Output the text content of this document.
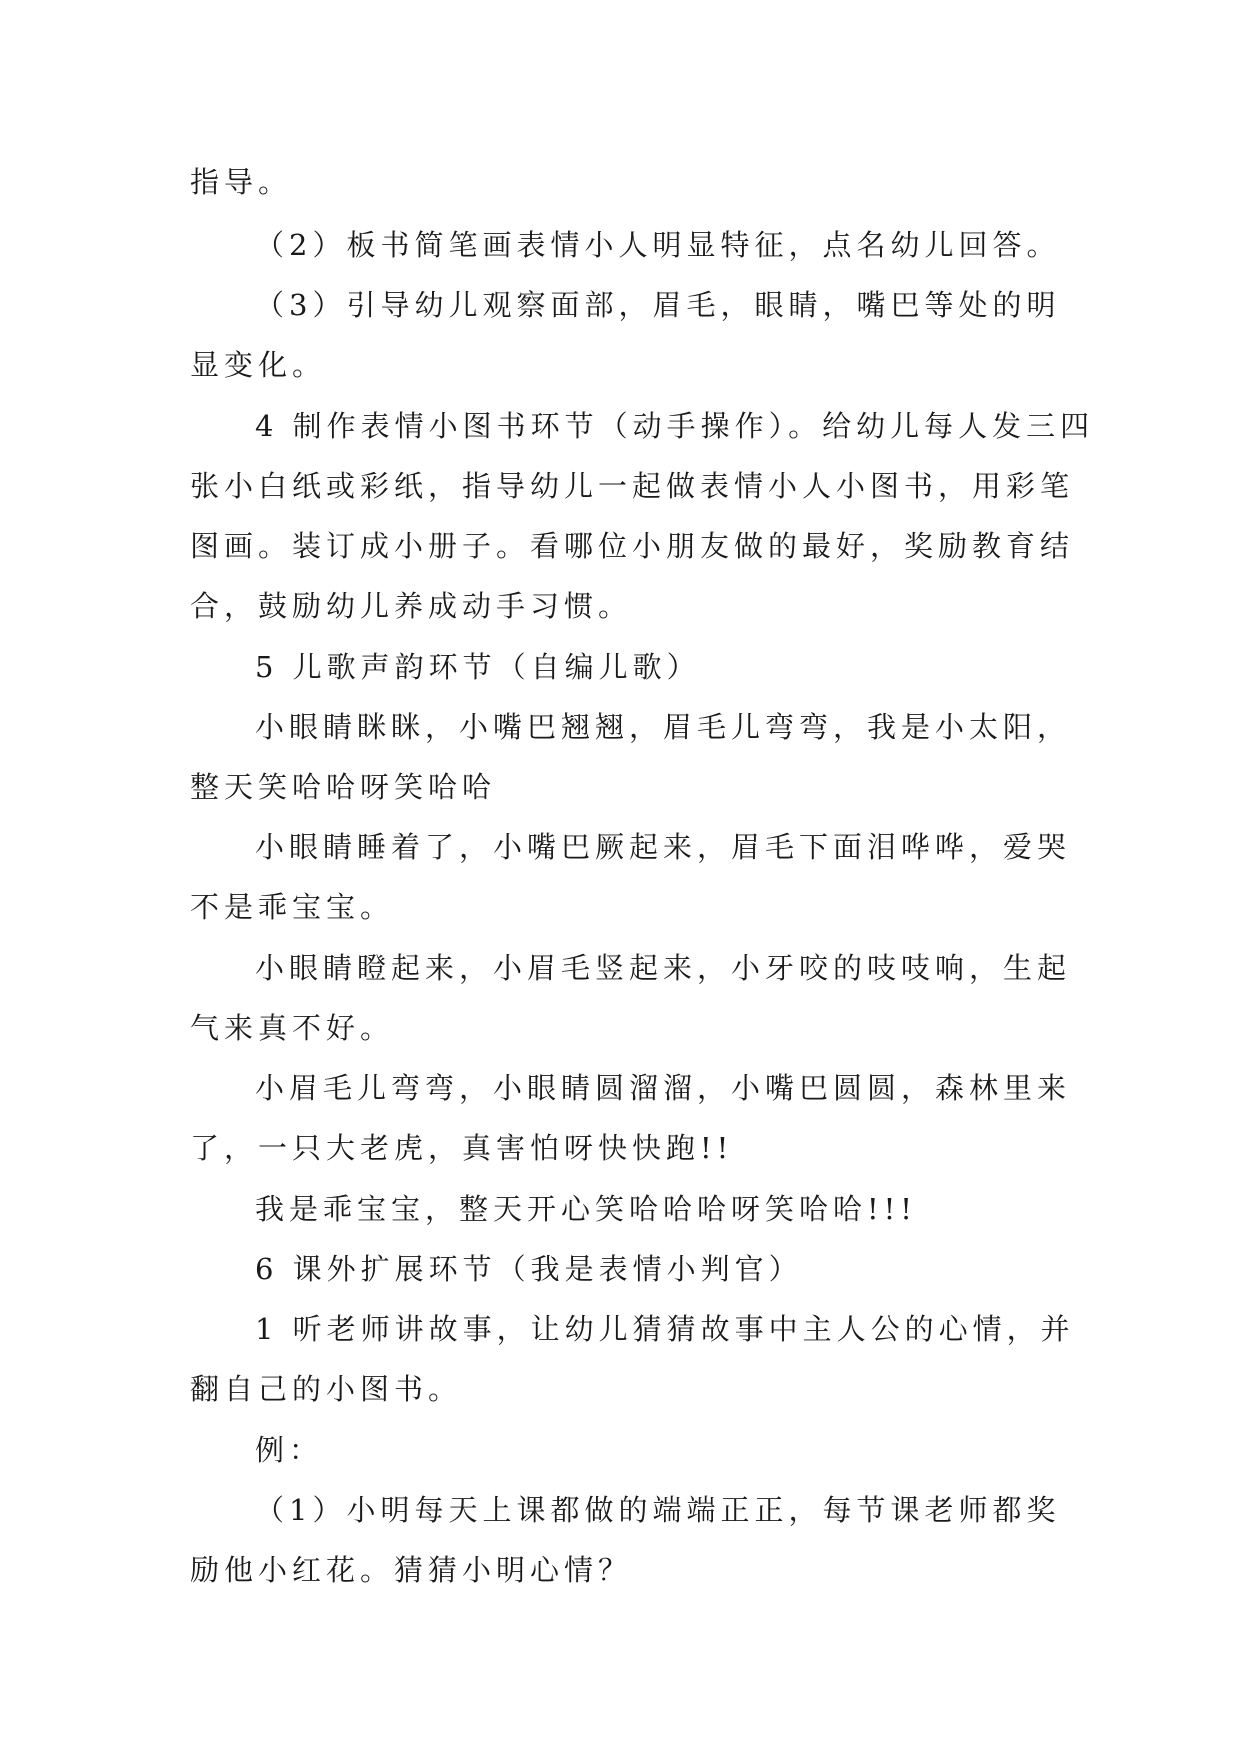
指导。
（2）板书简笔画表情小人明显特征，点名幼儿回答。
（3）引导幼儿观察面部，眉毛，眼睛，嘴巴等处的明
显变化。
4 制作表情小图书环节（动手操作）。给幼儿每人发三四
张小白纸或彩纸，指导幼儿一起做表情小人小图书，用彩笔
图画。装订成小册子。看哪位小朋友做的最好，奖励教育结
合，鼓励幼儿养成动手习惯。
5 儿歌声韵环节（自编儿歌）
小眼睛眯眯，小嘴巴翘翘，眉毛儿弯弯，我是小太阳，
整天笑哈哈呀笑哈哈
小眼睛睡着了，小嘴巴厥起来，眉毛下面泪哗哗，爱哭
不是乖宝宝。
小眼睛瞪起来，小眉毛竖起来，小牙咬的吱吱响，生起
气来真不好。
小眉毛儿弯弯，小眼睛圆溜溜，小嘴巴圆圆，森林里来
了，一只大老虎，真害怕呀快快跑!!
我是乖宝宝，整天开心笑哈哈哈呀笑哈哈!!!
6 课外扩展环节（我是表情小判官）
1 听老师讲故事，让幼儿猜猜故事中主人公的心情，并
翻自己的小图书。
例：
（1）小明每天上课都做的端端正正，每节课老师都奖
励他小红花。猜猜小明心情？
